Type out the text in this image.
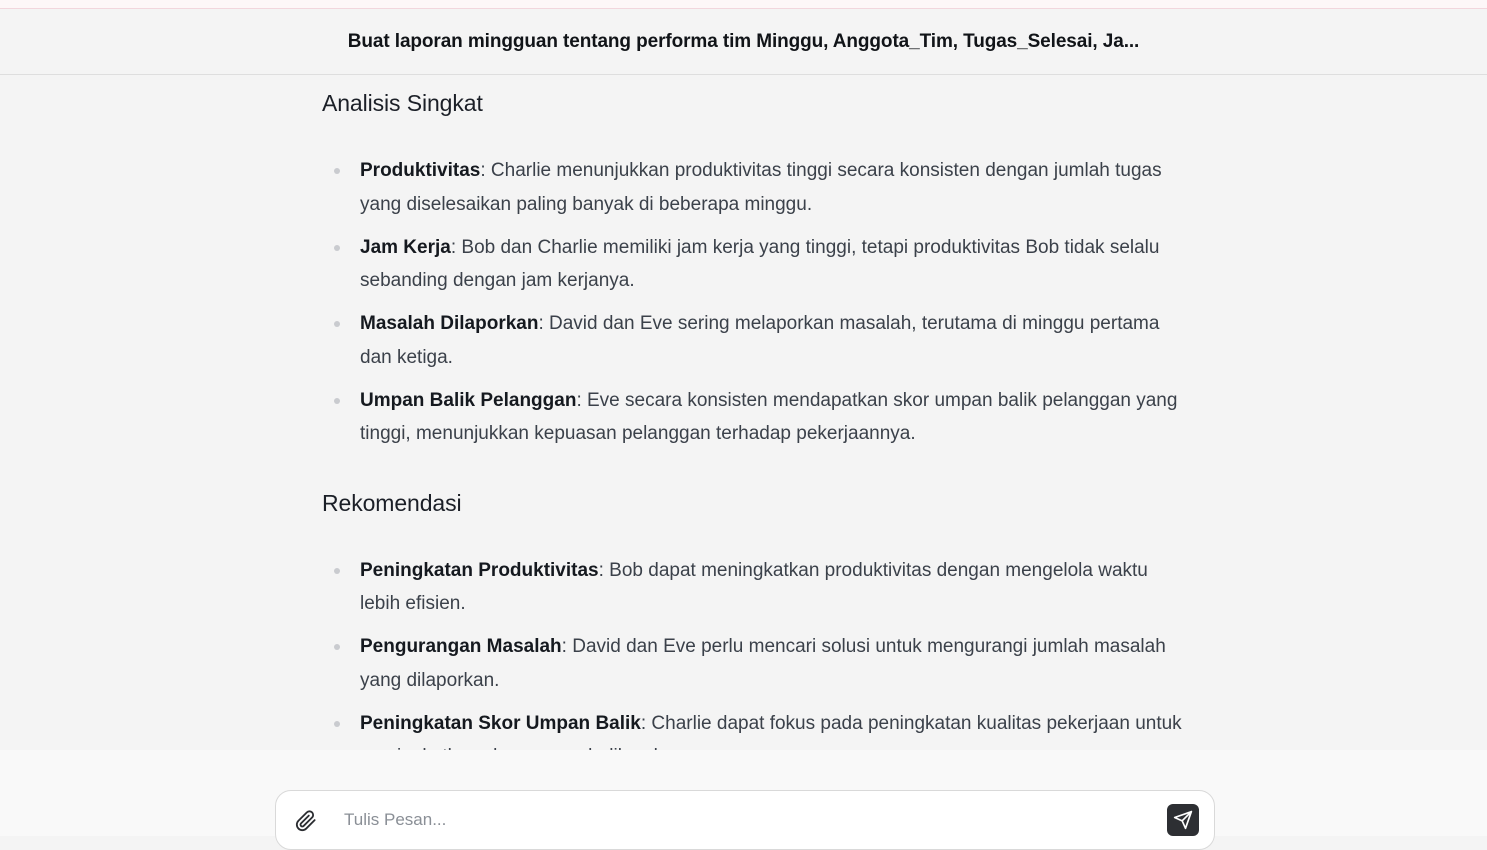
Buat laporan mingguan tentang performa tim Minggu, Anggota_Tim, Tugas_Selesai, Ja...
Analisis Singkat
Produktivitas: Charlie menunjukkan produktivitas tinggi secara konsisten dengan jumlah tugas yang diselesaikan paling banyak di beberapa minggu.
Jam Kerja: Bob dan Charlie memiliki jam kerja yang tinggi, tetapi produktivitas Bob tidak selalu sebanding dengan jam kerjanya.
Masalah Dilaporkan: David dan Eve sering melaporkan masalah, terutama di minggu pertama dan ketiga.
Umpan Balik Pelanggan: Eve secara konsisten mendapatkan skor umpan balik pelanggan yang tinggi, menunjukkan kepuasan pelanggan terhadap pekerjaannya.
Rekomendasi
Peningkatan Produktivitas: Bob dapat meningkatkan produktivitas dengan mengelola waktu lebih efisien.
Pengurangan Masalah: David dan Eve perlu mencari solusi untuk mengurangi jumlah masalah yang dilaporkan.
Peningkatan Skor Umpan Balik: Charlie dapat fokus pada peningkatan kualitas pekerjaan untuk
Tulis Pesan...
